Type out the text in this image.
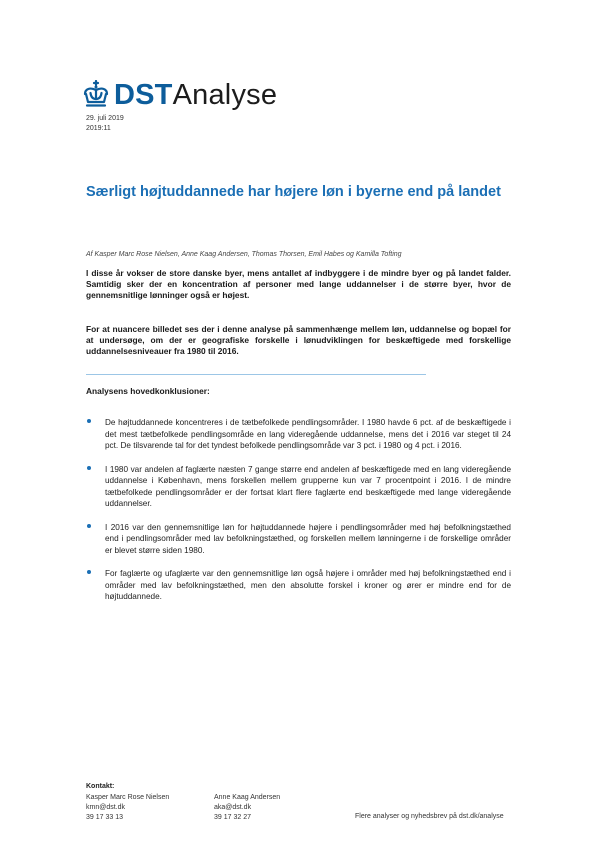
DSTAnalyse
29. juli 2019
2019:11
Særligt højtuddannede har højere løn i byerne end på landet
Af Kasper Marc Rose Nielsen, Anne Kaag Andersen, Thomas Thorsen, Emil Habes og Kamilla Tofting

I disse år vokser de store danske byer, mens antallet af indbyggere i de mindre byer og på landet falder. Samtidig sker der en koncentration af personer med lange uddannelser i de større byer, hvor de gennemsnitlige lønninger også er højest.

For at nuancere billedet ses der i denne analyse på sammenhænge mellem løn, uddannelse og bopæl for at undersøge, om der er geografiske forskelle i lønudviklingen for beskæftigede med forskellige uddannelsesniveauer fra 1980 til 2016.

Analysens hovedkonklusioner:
De højtuddannede koncentreres i de tætbefolkede pendlingsområder. I 1980 havde 6 pct. af de beskæftigede i det mest tætbefolkede pendlingsområde en lang videregående uddannelse, mens det i 2016 var steget til 24 pct. De tilsvarende tal for det tyndest befolkede pendlingsområde var 3 pct. i 1980 og 4 pct. i 2016.
I 1980 var andelen af faglærte næsten 7 gange større end andelen af beskæftigede med en lang videregående uddannelse i København, mens forskellen mellem grupperne kun var 7 procentpoint i 2016. I de mindre tætbefolkede pendlingsområder er der fortsat klart flere faglærte end beskæftigede med lange videregående uddannelser.
I 2016 var den gennemsnitlige løn for højtuddannede højere i pendlingsområder med høj befolkningstæthed end i pendlingsområder med lav befolkningstæthed, og forskellen mellem lønningerne i de forskellige områder er blevet større siden 1980.
For faglærte og ufaglærte var den gennemsnitlige løn også højere i områder med høj befolkningstæthed end i områder med lav befolkningstæthed, men den absolutte forskel i kroner og ører er mindre end for de højtuddannede.
Kontakt:
Kasper Marc Rose Nielsen
kmn@dst.dk
39 17 33 13
Anne Kaag Andersen
aka@dst.dk
39 17 32 27	Flere analyser og nyhedsbrev på dst.dk/analyse
